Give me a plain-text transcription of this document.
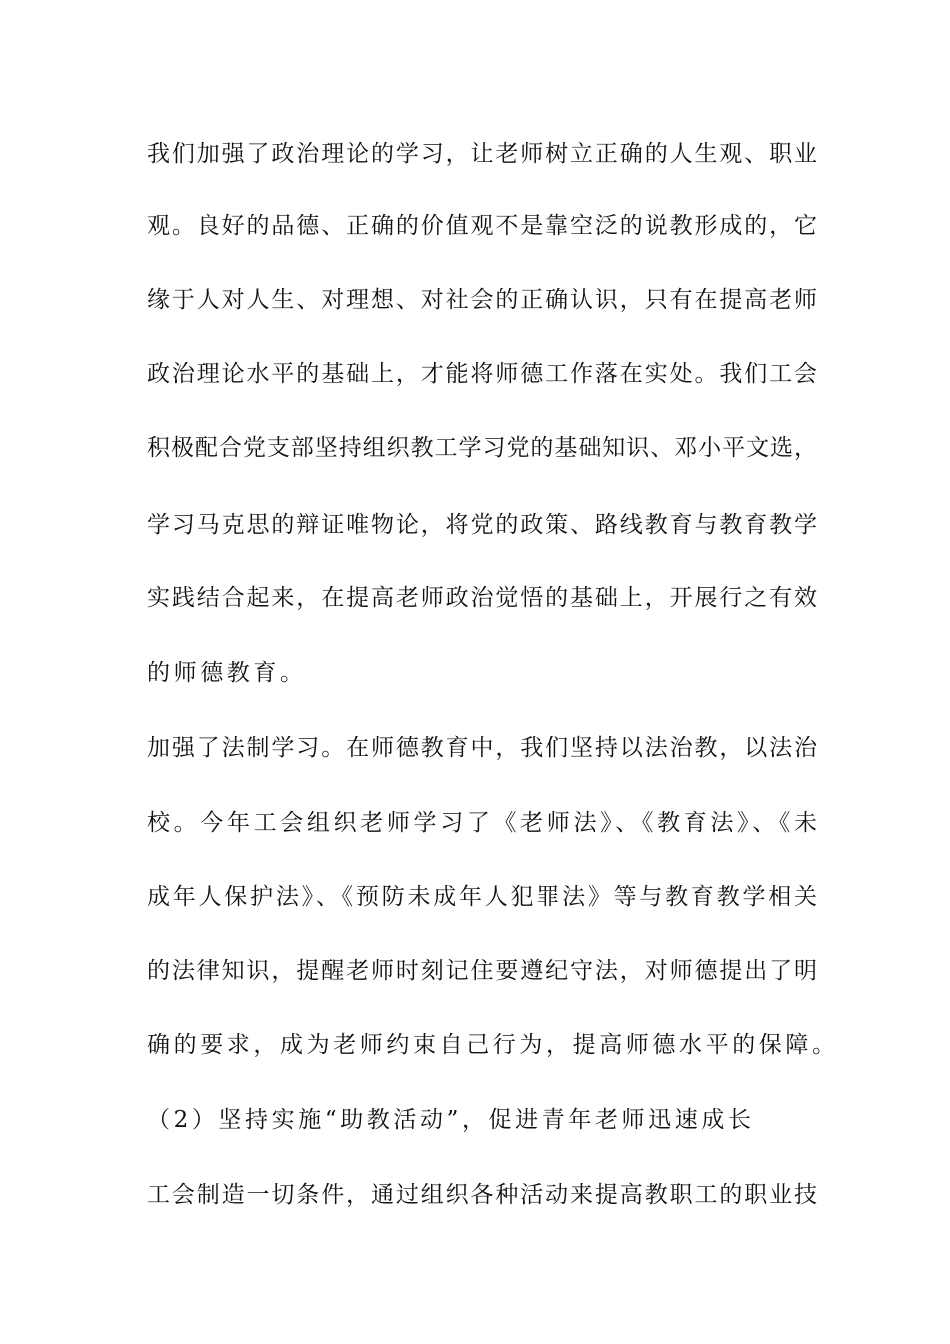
我们加强了政治理论的学习，让老师树立正确的人生观、职业
观。良好的品德、正确的价值观不是靠空泛的说教形成的，它
缘于人对人生、对理想、对社会的正确认识，只有在提高老师
政治理论水平的基础上，才能将师德工作落在实处。我们工会
积极配合党支部坚持组织教工学习党的基础知识、邓小平文选，
学习马克思的辩证唯物论，将党的政策、路线教育与教育教学
实践结合起来，在提高老师政治觉悟的基础上，开展行之有效
的师德教育。
加强了法制学习。在师德教育中，我们坚持以法治教，以法治
校。今年工会组织老师学习了《老师法》、《教育法》、《未
成年人保护法》、《预防未成年人犯罪法》等与教育教学相关
的法律知识，提醒老师时刻记住要遵纪守法，对师德提出了明
确的要求，成为老师约束自己行为，提高师德水平的保障。
（2）坚持实施“助教活动”，促进青年老师迅速成长
工会制造一切条件，通过组织各种活动来提高教职工的职业技
